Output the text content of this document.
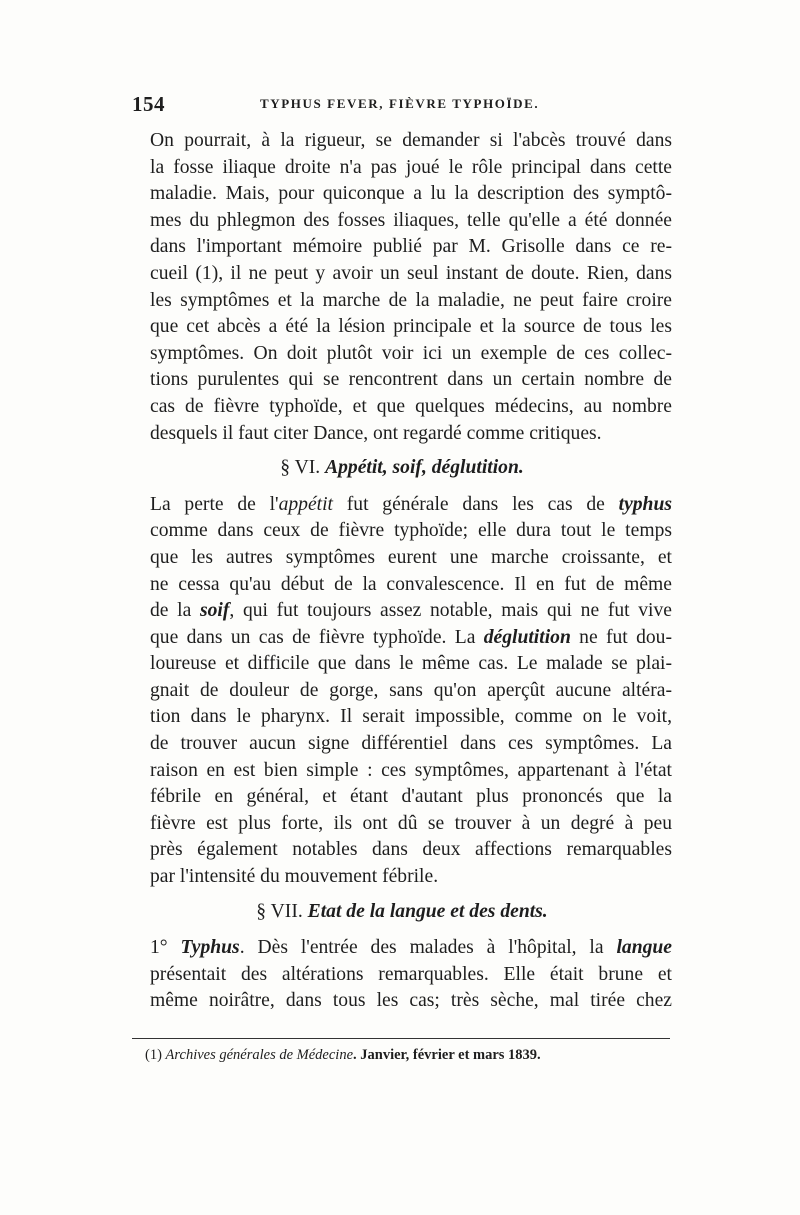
154	TYPHUS FEVER, FIÈVRE TYPHOÏDE.

On pourrait, à la rigueur, se demander si l'abcès trouvé dans
la fosse iliaque droite n'a pas joué le rôle principal dans cette
maladie. Mais, pour quiconque a lu la description des symptô-
mes du phlegmon des fosses iliaques, telle qu'elle a été donnée
dans l'important mémoire publié par M. Grisolle dans ce re-
cueil (1), il ne peut y avoir un seul instant de doute. Rien, dans
les symptômes et la marche de la maladie, ne peut faire croire
que cet abcès a été la lésion principale et la source de tous les
symptômes. On doit plutôt voir ici un exemple de ces collec-
tions purulentes qui se rencontrent dans un certain nombre de
cas de fièvre typhoïde, et que quelques médecins, au nombre
desquels il faut citer Dance, ont regardé comme critiques.

§ VI. Appétit, soif, déglutition.

La perte de l'appétit fut générale dans les cas de typhus
comme dans ceux de fièvre typhoïde; elle dura tout le temps
que les autres symptômes eurent une marche croissante, et
ne cessa qu'au début de la convalescence. Il en fut de même
de la soif, qui fut toujours assez notable, mais qui ne fut vive
que dans un cas de fièvre typhoïde. La déglutition ne fut dou-
loureuse et difficile que dans le même cas. Le malade se plai-
gnait de douleur de gorge, sans qu'on aperçût aucune altéra-
tion dans le pharynx. Il serait impossible, comme on le voit,
de trouver aucun signe différentiel dans ces symptômes. La
raison en est bien simple : ces symptômes, appartenant à l'état
fébrile en général, et étant d'autant plus prononcés que la
fièvre est plus forte, ils ont dû se trouver à un degré à peu
près également notables dans deux affections remarquables
par l'intensité du mouvement fébrile.

§ VII. Etat de la langue et des dents.

1° Typhus. Dès l'entrée des malades à l'hôpital, la langue
présentait des altérations remarquables. Elle était brune et
même noirâtre, dans tous les cas; très sèche, mal tirée chez

(1) Archives générales de Médecine. Janvier, février et mars 1839.
